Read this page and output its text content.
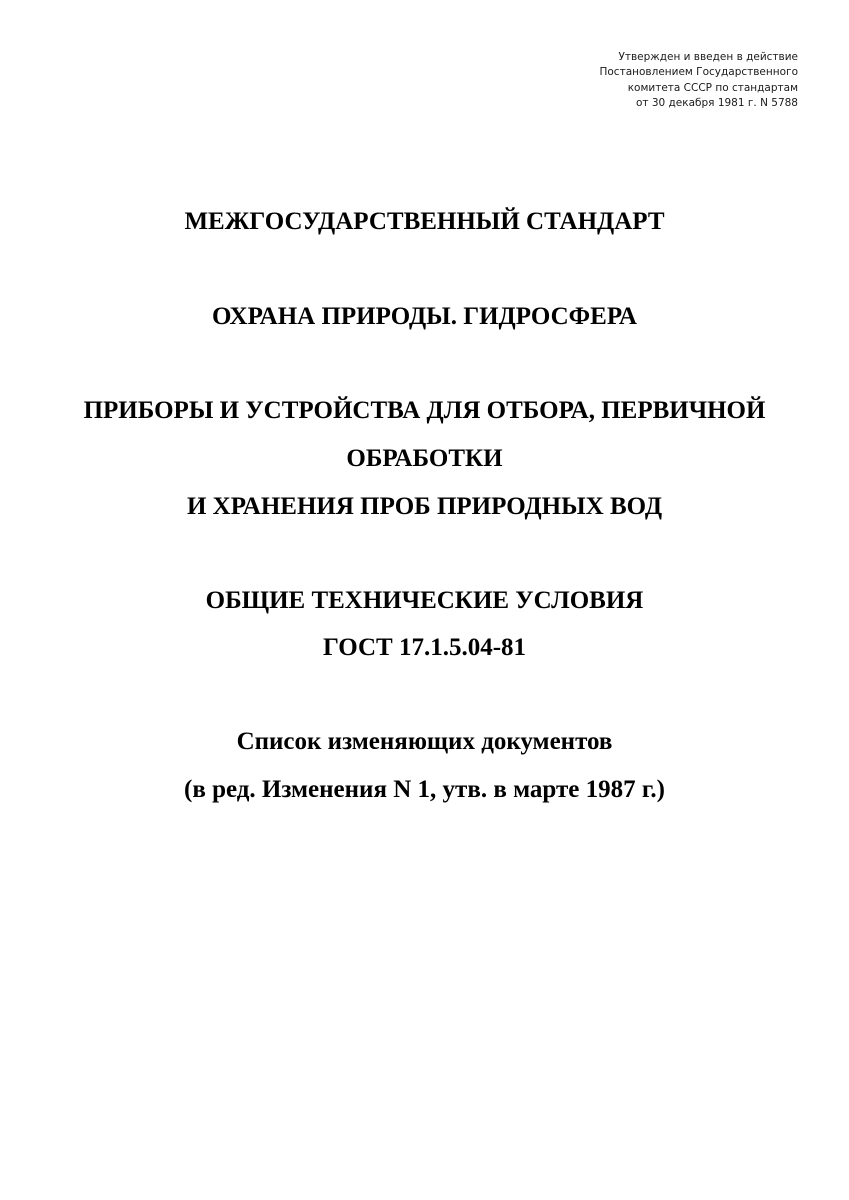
Утвержден и введен в действие
Постановлением Государственного
комитета СССР по стандартам
от 30 декабря 1981 г. N 5788
МЕЖГОСУДАРСТВЕННЫЙ СТАНДАРТ
ОХРАНА ПРИРОДЫ. ГИДРОСФЕРА
ПРИБОРЫ И УСТРОЙСТВА ДЛЯ ОТБОРА, ПЕРВИЧНОЙ
ОБРАБОТКИ
И ХРАНЕНИЯ ПРОБ ПРИРОДНЫХ ВОД
ОБЩИЕ ТЕХНИЧЕСКИЕ УСЛОВИЯ
ГОСТ 17.1.5.04-81
Список изменяющих документов
(в ред. Изменения N 1, утв. в марте 1987 г.)
